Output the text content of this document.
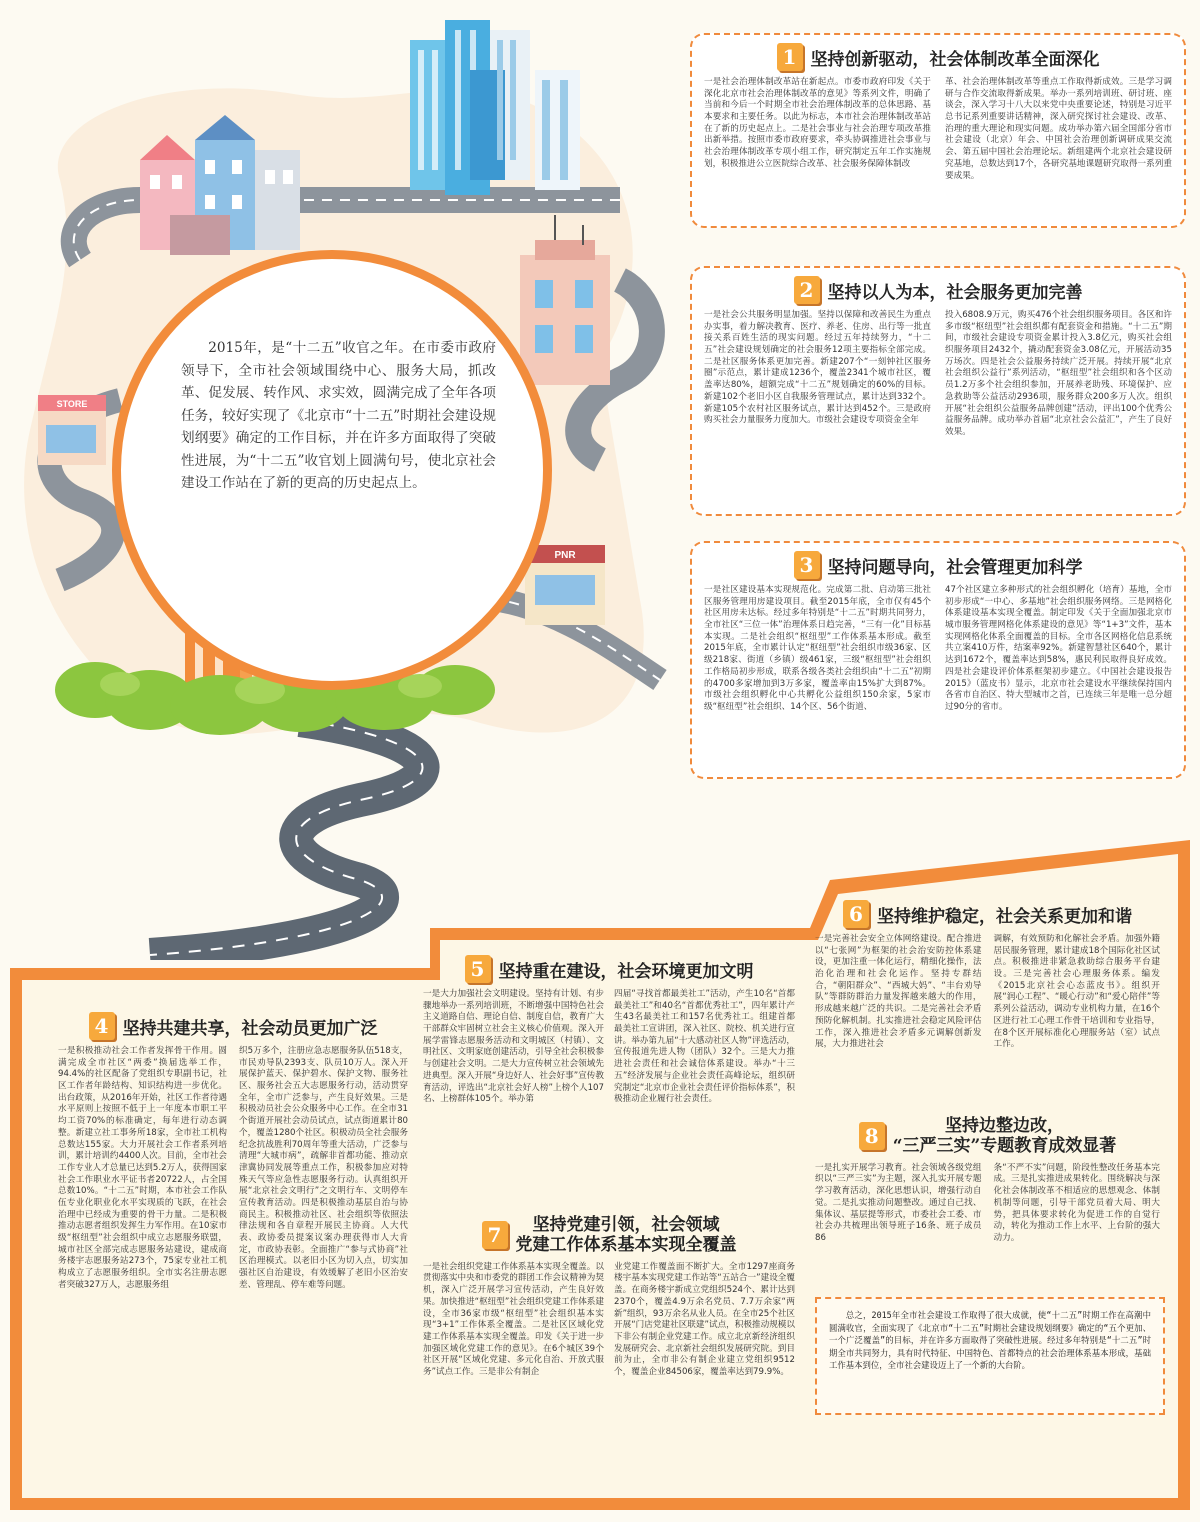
STORE
PNR

2015年，是“十二五”收官之年。在市委市政府领导下，全市社会领域围绕中心、服务大局，抓改革、促发展、转作风、求实效，圆满完成了全年各项任务，较好实现了《北京市“十二五”时期社会建设规划纲要》确定的工作目标，并在许多方面取得了突破性进展，为“十二五”收官划上圆满句号，使北京社会建设工作站在了新的更高的历史起点上。

1 坚持创新驱动，社会体制改革全面深化

一是社会治理体制改革站在新起点。市委市政府印发《关于深化北京市社会治理体制改革的意见》等系列文件，明确了当前和今后一个时期全市社会治理体制改革的总体思路、基本要求和主要任务。以此为标志，本市社会治理体制改革站在了新的历史起点上。二是社会事业与社会治理专项改革推出新举措。按照市委市政府要求，牵头协调推进社会事业与社会治理体制改革专项小组工作，研究制定五年工作实施规划，积极推进公立医院综合改革、社会服务保障体制改

革、社会治理体制改革等重点工作取得新成效。三是学习调研与合作交流取得新成果。举办一系列培训班、研讨班、座谈会，深入学习十八大以来党中央重要论述，特别是习近平总书记系列重要讲话精神，深入研究探讨社会建设、改革、治理的重大理论和现实问题。成功举办第六届全国部分省市社会建设（北京）年会、中国社会治理创新调研成果交流会、第五届中国社会治理论坛。新组建两个北京社会建设研究基地，总数达到17个，各研究基地课题研究取得一系列重要成果。

2 坚持以人为本，社会服务更加完善

一是社会公共服务明显加强。坚持以保障和改善民生为重点办实事，着力解决教育、医疗、养老、住房、出行等一批直接关系百姓生活的现实问题。经过五年持续努力，“十二五”社会建设规划确定的社会服务12项主要指标全部完成。二是社区服务体系更加完善。新建207个“一刻钟社区服务圈”示范点，累计建成1236个，覆盖2341个城市社区，覆盖率达80%，超额完成“十二五”规划确定的60%的目标。新建102个老旧小区自我服务管理试点，累计达到332个。新建105个农村社区服务试点，累计达到452个。三是政府购买社会力量服务力度加大。市级社会建设专项资金全年

投入6808.9万元，购买476个社会组织服务项目。各区和许多市级“枢纽型”社会组织都有配套资金和措施。“十二五”期间，市级社会建设专项资金累计投入3.8亿元，购买社会组织服务项目2432个，撬动配套资金3.08亿元，开展活动35万场次。四是社会公益服务持续广泛开展。持续开展“北京社会组织公益行”系列活动，“枢纽型”社会组织和各个区动员1.2万多个社会组织参加，开展养老助残、环境保护、应急救助等公益活动2936项，服务群众200多万人次。组织开展“社会组织公益服务品牌创建”活动，评出100个优秀公益服务品牌。成功举办首届“北京社会公益汇”，产生了良好效果。

3 坚持问题导向，社会管理更加科学

一是社区建设基本实现规范化。完成第二批、启动第三批社区服务管理用房建设项目。截至2015年底，全市仅有45个社区用房未达标。经过多年特别是“十二五”时期共同努力，全市社区“三位一体”治理体系日趋完善，“三有一化”目标基本实现。二是社会组织“枢纽型”工作体系基本形成。截至2015年底，全市累计认定“枢纽型”社会组织市级36家、区级218家、街道（乡镇）级461家，三级“枢纽型”社会组织工作格局初步形成，联系各级各类社会组织由“十二五”初期的4700多家增加到3万多家，覆盖率由15%扩大到87%。市级社会组织孵化中心共孵化公益组织150余家，5家市级“枢纽型”社会组织、14个区、56个街道、

47个社区建立多种形式的社会组织孵化（培育）基地，全市初步形成“一中心、多基地”社会组织服务网络。三是网格化体系建设基本实现全覆盖。制定印发《关于全面加强北京市城市服务管理网格化体系建设的意见》等“1+3”文件，基本实现网格化体系全面覆盖的目标。全市各区网格化信息系统共立案410万件，结案率92%。新建智慧社区640个，累计达到1672个，覆盖率达到58%，惠民利民取得良好成效。四是社会建设评价体系框架初步建立。《中国社会建设报告2015》（蓝皮书）显示，北京市社会建设水平继续保持国内各省市自治区、特大型城市之首，已连续三年是唯一总分超过90分的省市。

4 坚持共建共享，社会动员更加广泛

一是积极推动社会工作者发挥骨干作用。圆满完成全市社区“两委”换届选举工作，94.4%的社区配备了党组织专职副书记，社区工作者年龄结构、知识结构进一步优化。出台政策，从2016年开始，社区工作者待遇水平原则上按照不低于上一年度本市职工平均工资70%的标准确定，每年进行动态调整。新建立社工事务所18家，全市社工机构总数达155家。大力开展社会工作者系列培训，累计培训约4400人次。目前，全市社会工作专业人才总量已达到5.2万人，获得国家社会工作职业水平证书者20722人，占全国总数10%。“十二五”时期，本市社会工作队伍专业化职业化水平实现质的飞跃，在社会治理中已经成为重要的骨干力量。二是积极推动志愿者组织发挥生力军作用。在10家市级“枢纽型”社会组织中成立志愿服务联盟，城市社区全部完成志愿服务站建设，建成商务楼宇志愿服务站273个，75家专业社工机构成立了志愿服务组织。全市实名注册志愿者突破327万人，志愿服务组

织5万多个，注册应急志愿服务队伍518支，市民劝导队2393支、队员10万人。深入开展保护蓝天、保护碧水、保护文物、服务社区、服务社会五大志愿服务行动，活动贯穿全年，全市广泛参与，产生良好效果。三是积极动员社会公众服务中心工作。在全市31个街道开展社会动员试点，试点街道累计80个，覆盖1280个社区。积极动员全社会服务纪念抗战胜利70周年等重大活动，广泛参与清理“大城市病”，疏解非首都功能、推动京津冀协同发展等重点工作，积极参加应对特殊天气等应急性志愿服务行动。认真组织开展“北京社会文明行”之文明行车、文明停车宣传教育活动。四是积极推动基层自治与协商民主。积极推动社区、社会组织等依照法律法规和各自章程开展民主协商。人大代表、政协委员提案议案办理获得市人大肯定，市政协表彰。全面推广“参与式协商”社区治理模式。以老旧小区为切入点，切实加强社区自治建设，有效缓解了老旧小区治安差、管理乱、停车难等问题。

5 坚持重在建设，社会环境更加文明

一是大力加强社会文明建设。坚持有计划、有步骤地举办一系列培训班，不断增强中国特色社会主义道路自信、理论自信、制度自信，教育广大干部群众牢固树立社会主义核心价值观。深入开展学雷锋志愿服务活动和文明城区（村镇）、文明社区、文明家庭创建活动，引导全社会积极参与创建社会文明。二是大力宣传树立社会领域先进典型。深入开展“身边好人、社会好事”宣传教育活动，评选出“北京社会好人榜”上榜个人107名、上榜群体105个。举办第

四届“寻找首都最美社工”活动，产生10名“首都最美社工”和40名“首都优秀社工”，四年累计产生43名最美社工和157名优秀社工。组建首都最美社工宣讲团，深入社区、院校、机关进行宣讲。举办第九届“十大感动社区人物”评选活动，宣传报道先进人物（团队）32个。三是大力推进社会责任和社会诚信体系建设。举办“十三五”经济发展与企业社会责任高峰论坛，组织研究制定“北京市企业社会责任评价指标体系”，积极推动企业履行社会责任。

7	坚持党建引领，社会领域
党建工作体系基本实现全覆盖

一是社会组织党建工作体系基本实现全覆盖。以贯彻落实中央和市委党的群团工作会议精神为契机，深入广泛开展学习宣传活动，产生良好效果。加快推进“枢纽型”社会组织党建工作体系建设，全市36家市级“枢纽型”社会组织基本实现“3+1”工作体系全覆盖。二是社区区域化党建工作体系基本实现全覆盖。印发《关于进一步加强区域化党建工作的意见》。在6个城区39个社区开展“区域化党建、多元化自治、开放式服务”试点工作。三是非公有制企

业党建工作覆盖面不断扩大。全市1297座商务楼宇基本实现党建工作站等“五站合一”建设全覆盖。在商务楼宇新成立党组织524个、累计达到2370个，覆盖4.9万余名党员、7.7万余家“两新”组织，93万余名从业人员。在全市25个社区开展“门店党建社区联建”试点，积极推动规模以下非公有制企业党建工作。成立北京新经济组织发展研究会、北京新社会组织发展研究院。到目前为止，全市非公有制企业建立党组织9512个，覆盖企业84506家，覆盖率达到79.9%。

6 坚持维护稳定，社会关系更加和谐

一是完善社会安全立体网络建设。配合推进以“七张网”为框架的社会治安防控体系建设，更加注重一体化运行，精细化操作，法治化治理和社会化运作。坚持专群结合，“朝阳群众”、“西城大妈”、“丰台劝导队”等群防群治力量发挥越来越大的作用，形成越来越广泛的共识。二是完善社会矛盾预防化解机制。扎实推进社会稳定风险评估工作，深入推进社会矛盾多元调解创新发展，大力推进社会

调解，有效预防和化解社会矛盾。加强外籍居民服务管理，累计建成18个国际化社区试点。积极推进非紧急救助综合服务平台建设。三是完善社会心理服务体系。编发《2015北京社会心态蓝皮书》。组织开展“润心工程”、“暖心行动”和“爱心陪伴”等系列公益活动，调动专业机构力量，在16个区进行社工心理工作骨干培训和专业指导，在8个区开展标准化心理服务站（室）试点工作。

8	坚持边整边改，
“三严三实”专题教育成效显著

一是扎实开展学习教育。社会领域各级党组织以“三严三实”为主题，深入扎实开展专题学习教育活动，深化思想认识，增强行动自觉。二是扎实推动问题整改。通过自己找、集体议、基层提等形式，市委社会工委、市社会办共梳理出领导班子16条、班子成员86

条“不严不实”问题，阶段性整改任务基本完成。三是扎实推进成果转化。围绕解决与深化社会体制改革不相适应的思想观念、体制机制等问题，引导干部党员着大局、明大势，把具体要求转化为促进工作的自觉行动，转化为推动工作上水平、上台阶的强大动力。

总之，2015年全市社会建设工作取得了很大成就，使“十二五”时期工作在高潮中圆满收官，全面实现了《北京市“十二五”时期社会建设规划纲要》确定的“五个更加、一个广泛覆盖”的目标，并在许多方面取得了突破性进展。经过多年特别是“十二五”时期全市共同努力，具有时代特征、中国特色、首都特点的社会治理体系基本形成，基础工作基本到位，全市社会建设迈上了一个新的大台阶。
